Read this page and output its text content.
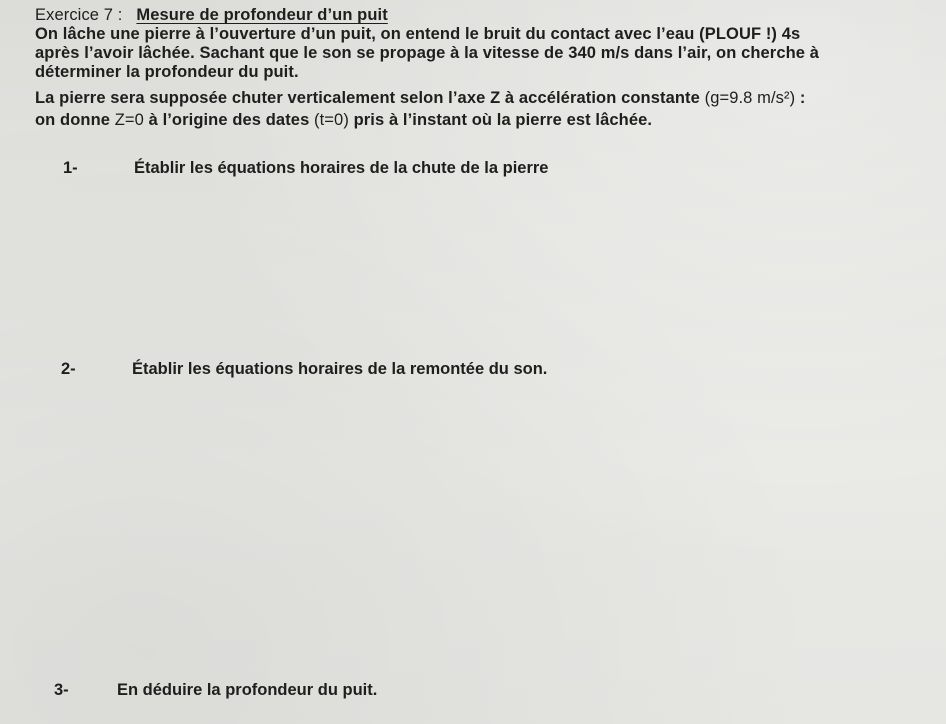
Exercice 7 : Mesure de profondeur d’un puit
On lâche une pierre à l’ouverture d’un puit, on entend le bruit du contact avec l’eau (PLOUF !) 4s
après l’avoir lâchée. Sachant que le son se propage à la vitesse de 340 m/s dans l’air, on cherche à
déterminer la profondeur du puit.
La pierre sera supposée chuter verticalement selon l’axe Z à accélération constante (g=9.8 m/s²) :
on donne Z=0 à l’origine des dates (t=0) pris à l’instant où la pierre est lâchée.
1-	Établir les équations horaires de la chute de la pierre
2-	Établir les équations horaires de la remontée du son.
3-	En déduire la profondeur du puit.
